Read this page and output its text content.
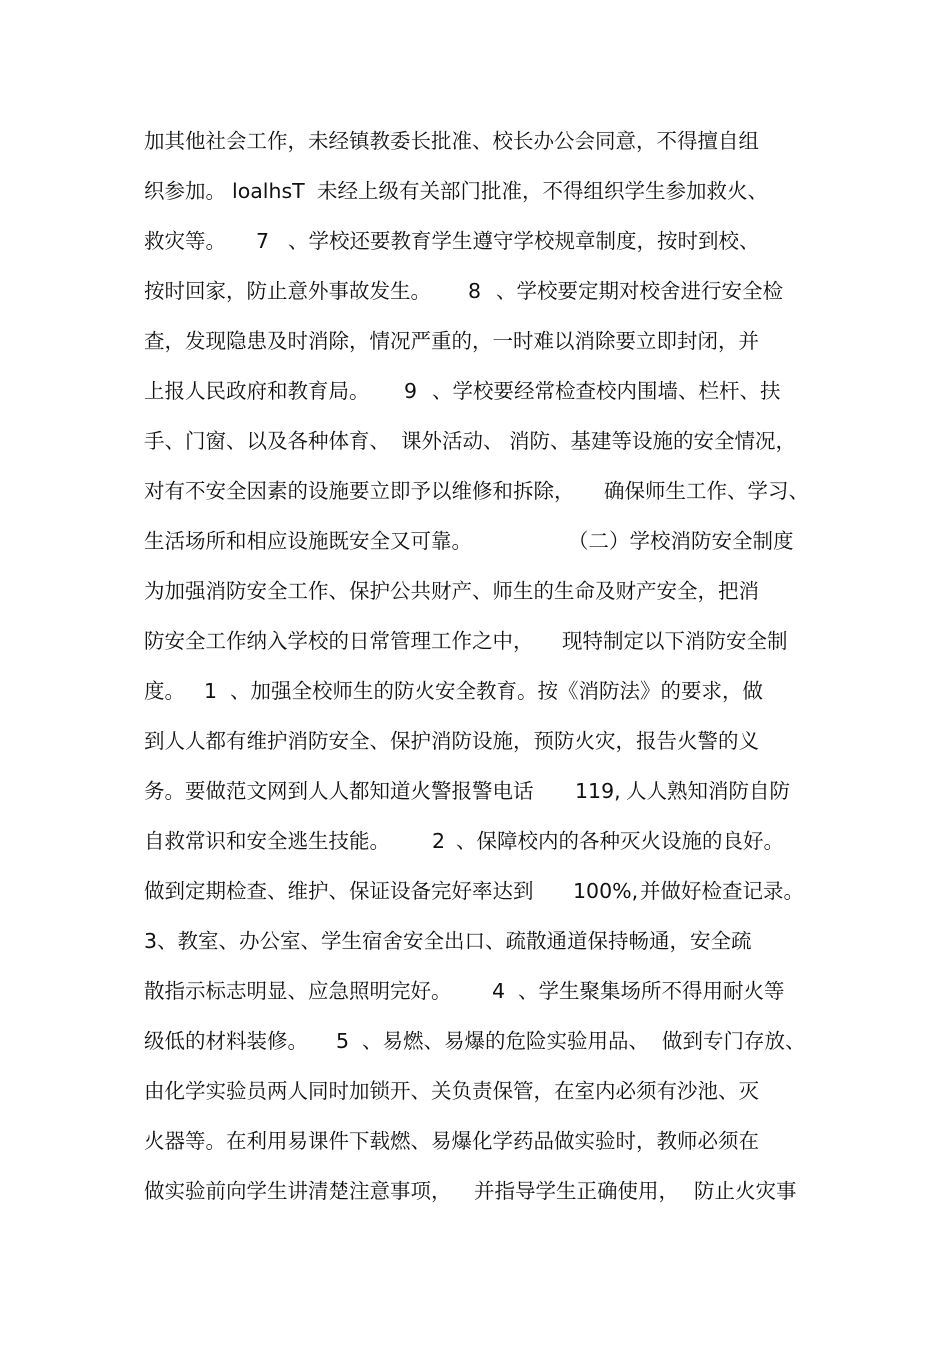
加其他社会工作，未经镇教委长批准、校长办公会同意，不得擅自组

织参加。

loalhsT

未经上级有关部门批准，不得组织学生参加救火、

救灾等。

7

、学校还要教育学生遵守学校规章制度，按时到校、

按时回家，防止意外事故发生。

8

、学校要定期对校舍进行安全检

查，发现隐患及时消除，情况严重的，一时难以消除要立即封闭，并

上报人民政府和教育局。

9

、学校要经常检查校内围墙、栏杆、扶

手、门窗、以及各种体育、

课外活动、

消防、基建等设施的安全情况，

对有不安全因素的设施要立即予以维修和拆除，

确保师生工作、学习、

生活场所和相应设施既安全又可靠。

	（二）学校消防安全制度

为加强消防安全工作、保护公共财产、师生的生命及财产安全，把消

防安全工作纳入学校的日常管理工作之中，

现特制定以下消防安全制

度。

1

、加强全校师生的防火安全教育。按《消防法》的要求，做

到人人都有维护消防安全、保护消防设施，预防火灾，报告火警的义

务。要做范文网到人人都知道火警报警电话

119,

人人熟知消防自防

自救常识和安全逃生技能。

2

、保障校内的各种灭火设施的良好。

做到定期检查、维护、保证设备完好率达到

100%,

并做好检查记录。

3、教室、办公室、学生宿舍安全出口、疏散通道保持畅通，安全疏

散指示标志明显、应急照明完好。

4

、学生聚集场所不得用耐火等

级低的材料装修。

5

、易燃、易爆的危险实验用品、

做到专门存放、

由化学实验员两人同时加锁开、关负责保管，在室内必须有沙池、灭

火器等。在利用易课件下载燃、易爆化学药品做实验时，教师必须在

做实验前向学生讲清楚注意事项，

并指导学生正确使用，

防止火灾事
